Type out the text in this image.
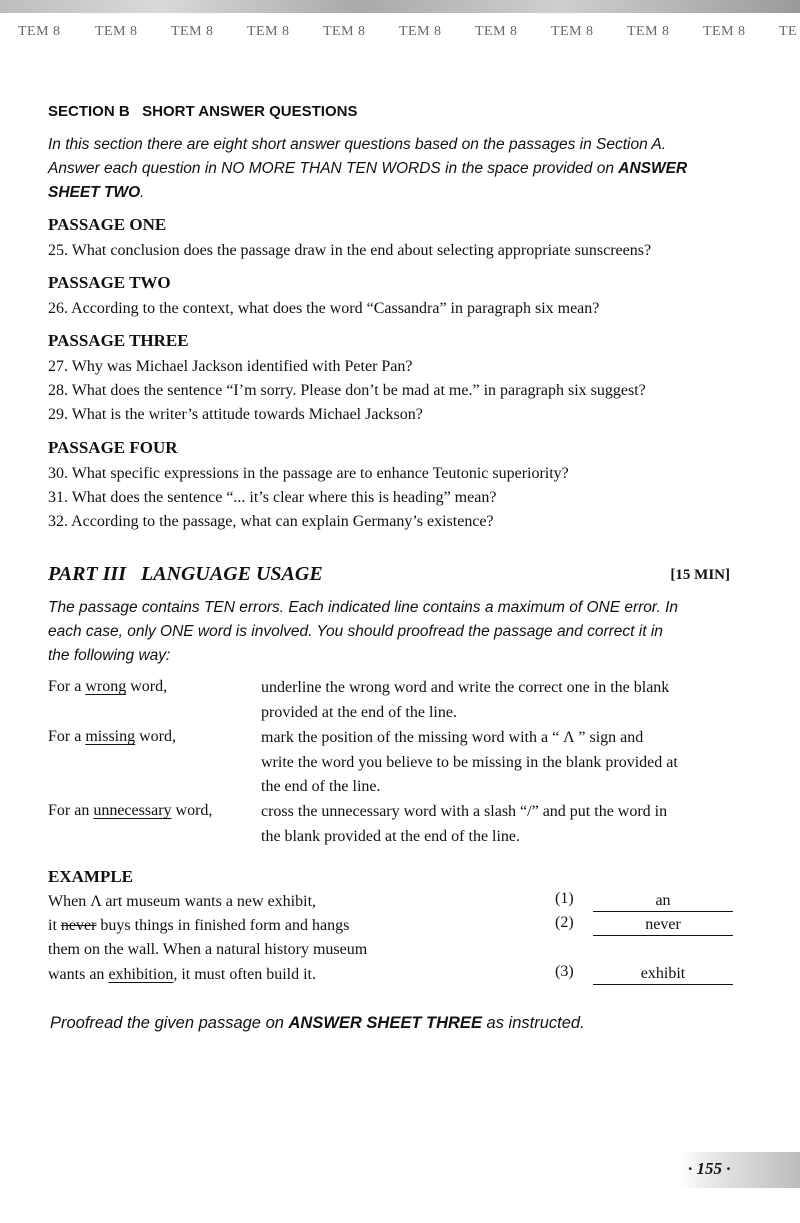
TEM 8 TEM 8 TEM 8 TEM 8 TEM 8 TEM 8 TEM 8 TEM 8 TEM 8 TEM 8 TE
SECTION B   SHORT ANSWER QUESTIONS
In this section there are eight short answer questions based on the passages in Section A.
Answer each question in NO MORE THAN TEN WORDS in the space provided on ANSWER
SHEET TWO.
PASSAGE ONE
25. What conclusion does the passage draw in the end about selecting appropriate sunscreens?
PASSAGE TWO
26. According to the context, what does the word “Cassandra” in paragraph six mean?
PASSAGE THREE
27. Why was Michael Jackson identified with Peter Pan?
28. What does the sentence “I’m sorry. Please don’t be mad at me.” in paragraph six suggest?
29. What is the writer’s attitude towards Michael Jackson?
PASSAGE FOUR
30. What specific expressions in the passage are to enhance Teutonic superiority?
31. What does the sentence “... it’s clear where this is heading” mean?
32. According to the passage, what can explain Germany’s existence?
PART III   LANGUAGE USAGE	[15 MIN]
The passage contains TEN errors. Each indicated line contains a maximum of ONE error. In
each case, only ONE word is involved. You should proofread the passage and correct it in
the following way:
For a wrong word,	underline the wrong word and write the correct one in the blank
provided at the end of the line.
For a missing word,	mark the position of the missing word with a “ Λ ” sign and
write the word you believe to be missing in the blank provided at
the end of the line.
For an unnecessary word,	cross the unnecessary word with a slash “/” and put the word in
the blank provided at the end of the line.
EXAMPLE
When Λ art museum wants a new exhibit,
it never buys things in finished form and hangs
them on the wall. When a natural history museum
wants an exhibition, it must often build it.
(1)	an
(2)	never
(3)	exhibit
Proofread the given passage on ANSWER SHEET THREE as instructed.
· 155 ·
